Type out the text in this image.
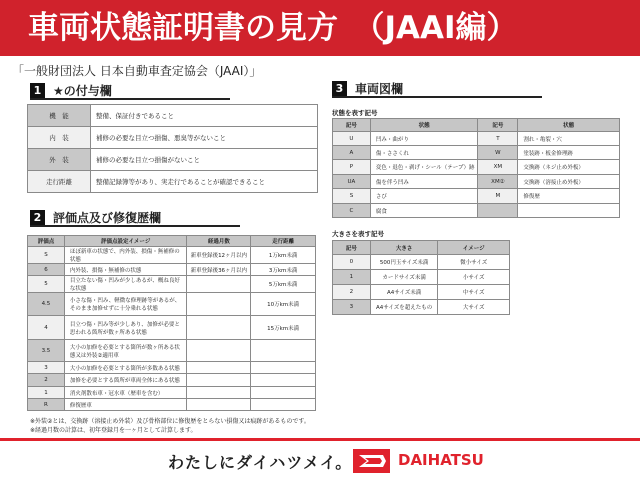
車両状態証明書の見方　（JAAI編）
「一般財団法人 日本自動車査定協会（JAAI）」
1 ★の付与欄
機　能	整備、保証付きであること
内　装	補修の必要な目立つ損傷、悪臭等がないこと
外　装	補修の必要な目立つ損傷がないこと
走行距離	整備記録簿等があり、実走行であることが確認できること
2 評価点及び修復歴欄
評価点	評価点設定イメージ	経過月数	走行距離
S	ほぼ新車の状態で、内外装、損傷・無補修の状態	新車登録後12ヶ月以内	1万km未満
6	内外装、損傷・無補修の状態	新車登録後36ヶ月以内	3万km未満
5	目立たない傷・凹みが少しあるが、概ね良好な状態		5万km未満
4.5	小さな傷・凹み、軽微な修理跡等があるが、そのまま加修せずに十分乗れる状態		10万km未満
4	目立つ傷・凹み等が少しあり、加修が必要と思われる箇所が数ヶ所ある状態		15万km未満
3.5	大小の加修を必要とする箇所が数ヶ所ある状態又は外装②適用車		
3	大小の加修を必要とする箇所が多数ある状態		
2	加修を必要とする箇所が車両全体にある状態		
1	消火剤散布車・冠水車（歴車を含む）		
R	修復歴車		
※外装②とは、交換跡（溶接止め外装）及び骨格部位に修復歴をとらない損傷又は痕跡があるものです。
※経過月数の計算は、初年登録月を一ヶ月として計算します。
3 車両図欄
状態を表す記号
記号	状態	記号	状態
U	凹み・曲がり	T	割れ・亀裂・穴
A	傷・ささくれ	W	塗装跡・板金修理跡
P	変色・退色・剥げ・シール（テープ）跡	XM	交換跡（ネジ止め外板）
UA	傷を伴う凹み	XM②	交換跡（溶接止め外板）
S	さび	M	修復歴
C	腐食		
大きさを表す記号
記号	大きさ	イメージ
0	500円玉サイズ未満	微小サイズ
1	カードサイズ未満	小サイズ
2	A4サイズ未満	中サイズ
3	A4サイズを超えたもの	大サイズ
わたしにダイハツメイ。	DAIHATSU
